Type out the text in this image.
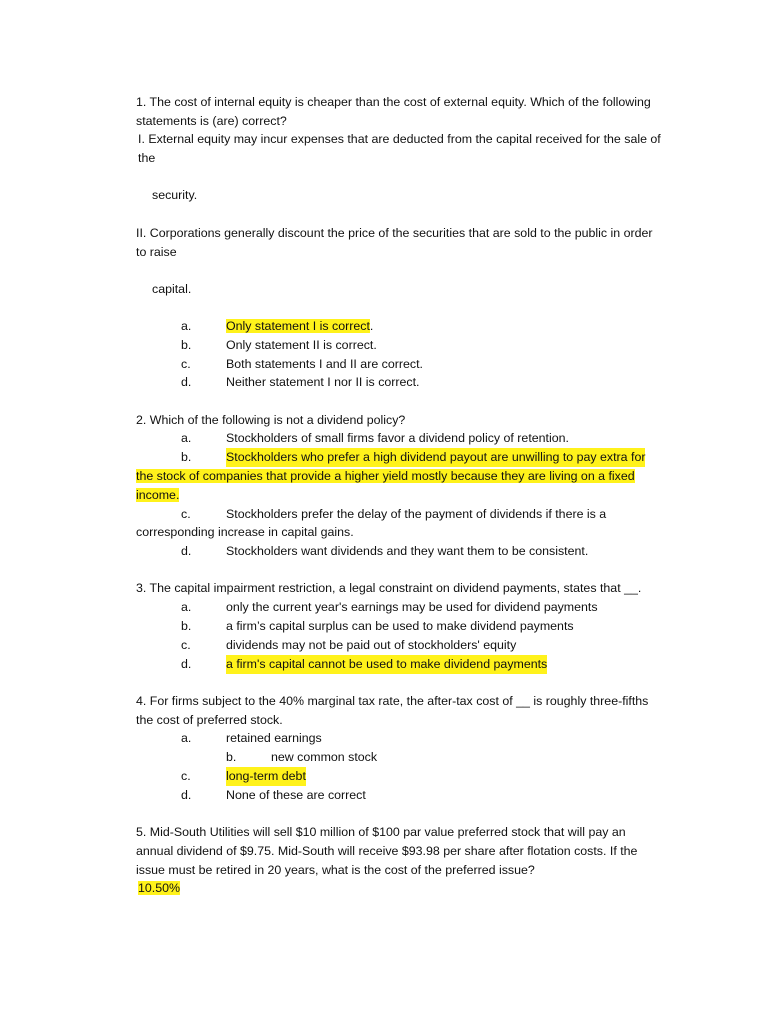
1. The cost of internal equity is cheaper than the cost of external equity. Which of the following statements is (are) correct?

I. External equity may incur expenses that are deducted from the capital received for the sale of the

security.

II. Corporations generally discount the price of the securities that are sold to the public in order to raise

capital.

a.	Only statement I is correct.
b.	Only statement II is correct.
c.	Both statements I and II are correct.
d.	Neither statement I nor II is correct.

2. Which of the following is not a dividend policy?

a.	Stockholders of small firms favor a dividend policy of retention.
b.	Stockholders who prefer a high dividend payout are unwilling to pay extra for

the stock of companies that provide a higher yield mostly because they are living on a fixed income.

c.	Stockholders prefer the delay of the payment of dividends if there is a

corresponding increase in capital gains.

d.	Stockholders want dividends and they want them to be consistent.

3. The capital impairment restriction, a legal constraint on dividend payments, states that __.

a.	only the current year's earnings may be used for dividend payments
b.	a firm’s capital surplus can be used to make dividend payments
c.	dividends may not be paid out of stockholders' equity
d.	a firm's capital cannot be used to make dividend payments

4. For firms subject to the 40% marginal tax rate, the after-tax cost of __ is roughly three-fifths the cost of preferred stock.

a.	retained earnings
b.	new common stock
c.	long-term debt
d.	None of these are correct

5. Mid-South Utilities will sell $10 million of $100 par value preferred stock that will pay an annual dividend of $9.75. Mid-South will receive $93.98 per share after flotation costs. If the issue must be retired in 20 years, what is the cost of the preferred issue?

10.50%
